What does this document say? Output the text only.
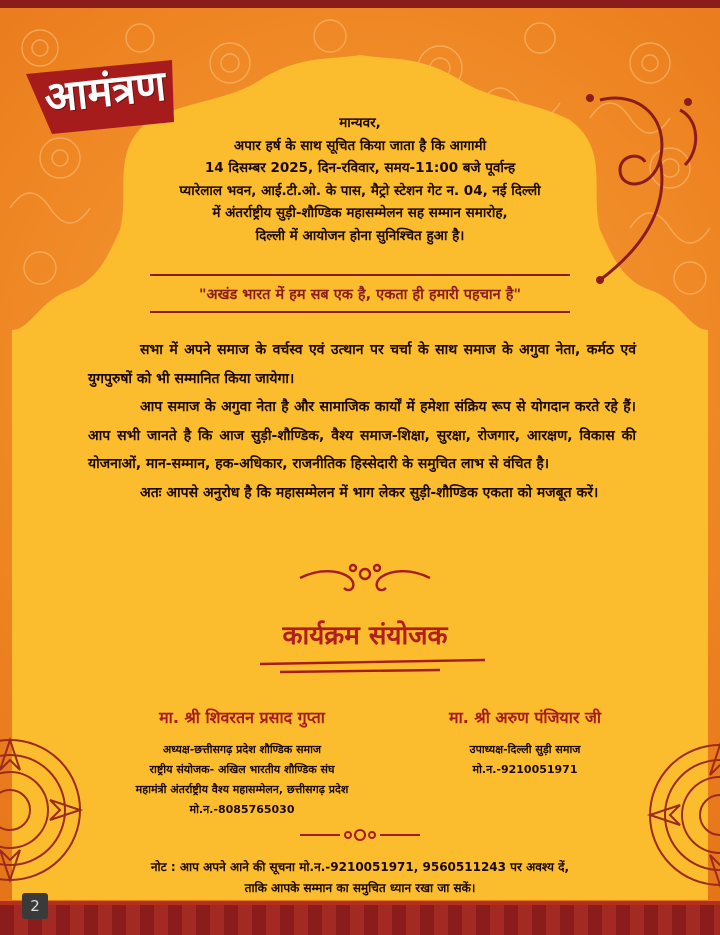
आमंत्रण
मान्यवर,
अपार हर्ष के साथ सूचित किया जाता है कि आगामी
14 दिसम्बर 2025, दिन-रविवार, समय-11:00 बजे पूर्वान्ह
प्यारेलाल भवन, आई.टी.ओ. के पास, मैट्रो स्टेशन गेट न. 04, नई दिल्ली
में अंतर्राष्ट्रीय सुड़ी-शौण्डिक महासम्मेलन सह सम्मान समारोह,
दिल्ली में आयोजन होना सुनिश्चित हुआ है।
"अखंड भारत में हम सब एक है, एकता ही हमारी पहचान है"

सभा में अपने समाज के वर्चस्व एवं उत्थान पर चर्चा के साथ समाज के अगुवा नेता, कर्मठ एवं युगपुरुषों को भी सम्मानित किया जायेगा।

आप समाज के अगुवा नेता है और सामाजिक कार्यों में हमेशा संक्रिय रूप से योगदान करते रहे हैं। आप सभी जानते है कि आज सुड़ी-शौण्डिक, वैश्य समाज-शिक्षा, सुरक्षा, रोजगार, आरक्षण, विकास की योजनाओं, मान-सम्मान, हक-अधिकार, राजनीतिक हिस्सेदारी के समुचित लाभ से वंचित है।

अतः आपसे अनुरोध है कि महासम्मेलन में भाग लेकर सुड़ी-शौण्डिक एकता को मजबूत करें।

कार्यक्रम संयोजक
मा. श्री शिवरतन प्रसाद गुप्ता
अध्यक्ष-छत्तीसगढ़ प्रदेश शौण्डिक समाज
राष्ट्रीय संयोजक- अखिल भारतीय शौण्डिक संघ
महामंत्री अंतर्राष्ट्रीय वैश्य महासम्मेलन, छत्तीसगढ़ प्रदेश
मो.न.-8085765030
मा. श्री अरुण पंजियार जी
उपाध्यक्ष-दिल्ली सुड़ी समाज
मो.न.-9210051971
नोट : आप अपने आने की सूचना मो.न.-9210051971, 9560511243 पर अवश्य दें,
ताकि आपके सम्मान का समुचित ध्यान रखा जा सकें।
2
